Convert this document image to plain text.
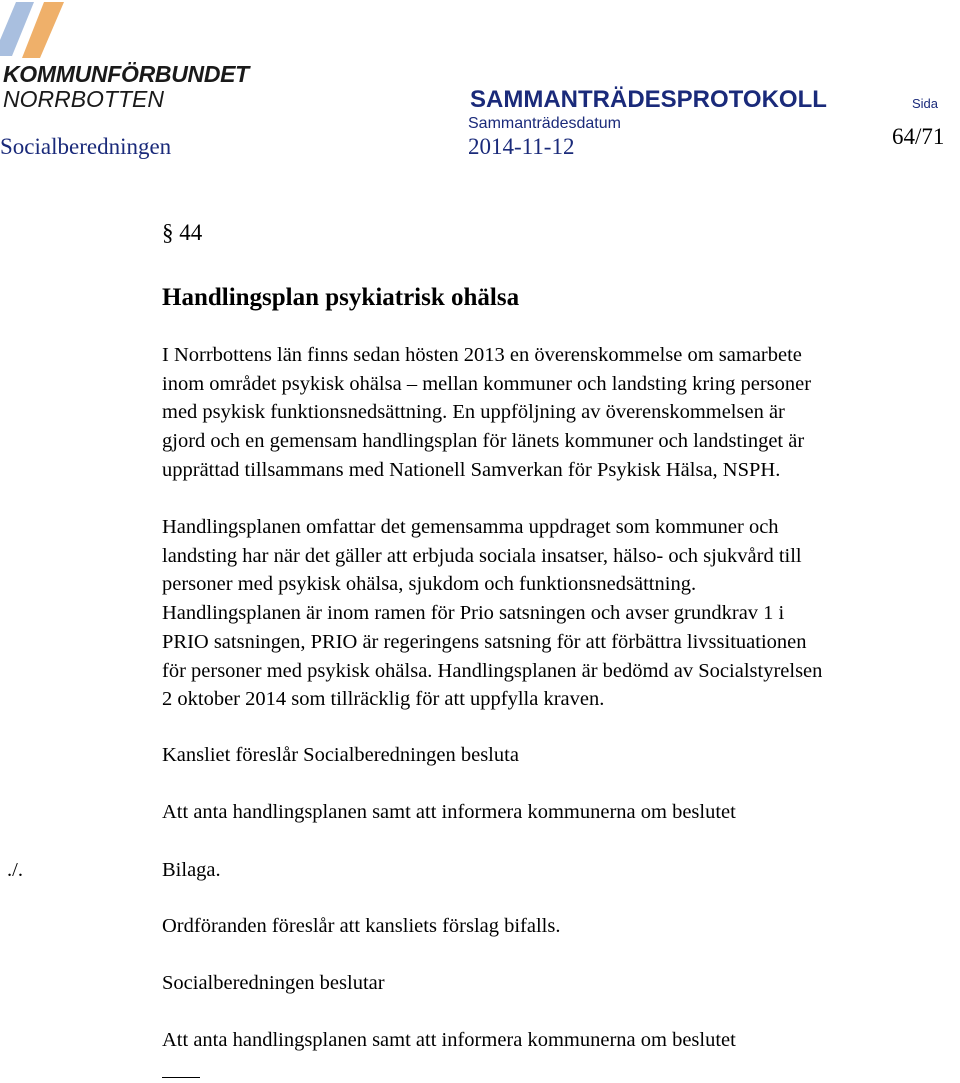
KOMMUNFÖRBUNDET
NORRBOTTEN	SAMMANTRÄDESPROTOKOLL	Sida
Sammanträdesdatum
Socialberedningen	2014-11-12	64/71
§ 44
Handlingsplan psykiatrisk ohälsa
I Norrbottens län finns sedan hösten 2013 en överenskommelse om samarbete
inom området psykisk ohälsa – mellan kommuner och landsting kring personer
med psykisk funktionsnedsättning. En uppföljning av överenskommelsen är
gjord och en gemensam handlingsplan för länets kommuner och landstinget är
upprättad tillsammans med Nationell Samverkan för Psykisk Hälsa, NSPH.
Handlingsplanen omfattar det gemensamma uppdraget som kommuner och
landsting har när det gäller att erbjuda sociala insatser, hälso- och sjukvård till
personer med psykisk ohälsa, sjukdom och funktionsnedsättning.
Handlingsplanen är inom ramen för Prio satsningen och avser grundkrav 1 i
PRIO satsningen, PRIO är regeringens satsning för att förbättra livssituationen
för personer med psykisk ohälsa. Handlingsplanen är bedömd av Socialstyrelsen
2 oktober 2014 som tillräcklig för att uppfylla kraven.
Kansliet föreslår Socialberedningen besluta
Att anta handlingsplanen samt att informera kommunerna om beslutet
./.	Bilaga.
Ordföranden föreslår att kansliets förslag bifalls.
Socialberedningen beslutar
Att anta handlingsplanen samt att informera kommunerna om beslutet
